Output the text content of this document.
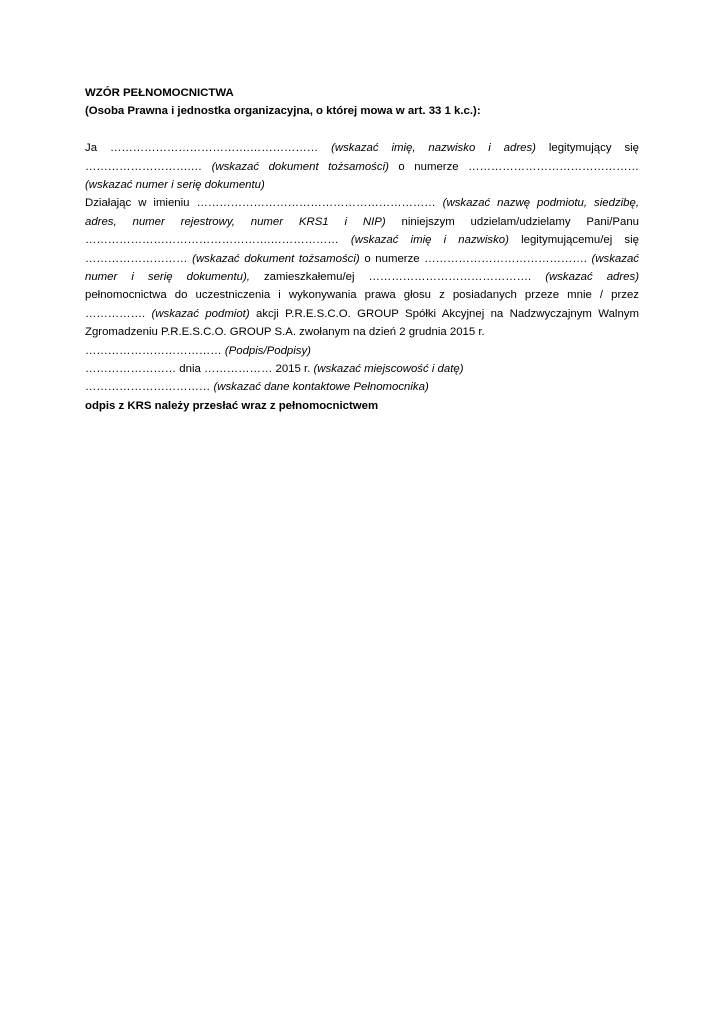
WZÓR PEŁNOMOCNICTWA

(Osoba Prawna i jednostka organizacyjna, o której mowa w art. 33 1 k.c.):

Ja ……………………………….……………… (wskazać imię, nazwisko i adres) legitymujący się ……………………….… (wskazać dokument tożsamości) o numerze ……………………………………… (wskazać numer i serię dokumentu)

Działając w imieniu ……………………………………………………… (wskazać nazwę podmiotu, siedzibę, adres, numer rejestrowy, numer KRS1 i NIP) niniejszym udzielam/udzielamy Pani/Panu ………………………………………….……………… (wskazać imię i nazwisko) legitymującemu/ej się ……………………… (wskazać dokument tożsamości) o numerze ……………………………………. (wskazać numer i serię dokumentu), zamieszkałemu/ej ……………………………………. (wskazać adres) pełnomocnictwa do uczestniczenia i wykonywania prawa głosu z posiadanych przeze mnie / przez ……………. (wskazać podmiot) akcji P.R.E.S.C.O. GROUP Spółki Akcyjnej na Nadzwyczajnym Walnym Zgromadzeniu P.R.E.S.C.O. GROUP S.A. zwołanym na dzień 2 grudnia 2015 r.

……………………………… (Podpis/Podpisy)

…………………… dnia ……………… 2015 r. (wskazać miejscowość i datę)

…………………………… (wskazać dane kontaktowe Pełnomocnika)

odpis z KRS należy przesłać wraz z pełnomocnictwem
